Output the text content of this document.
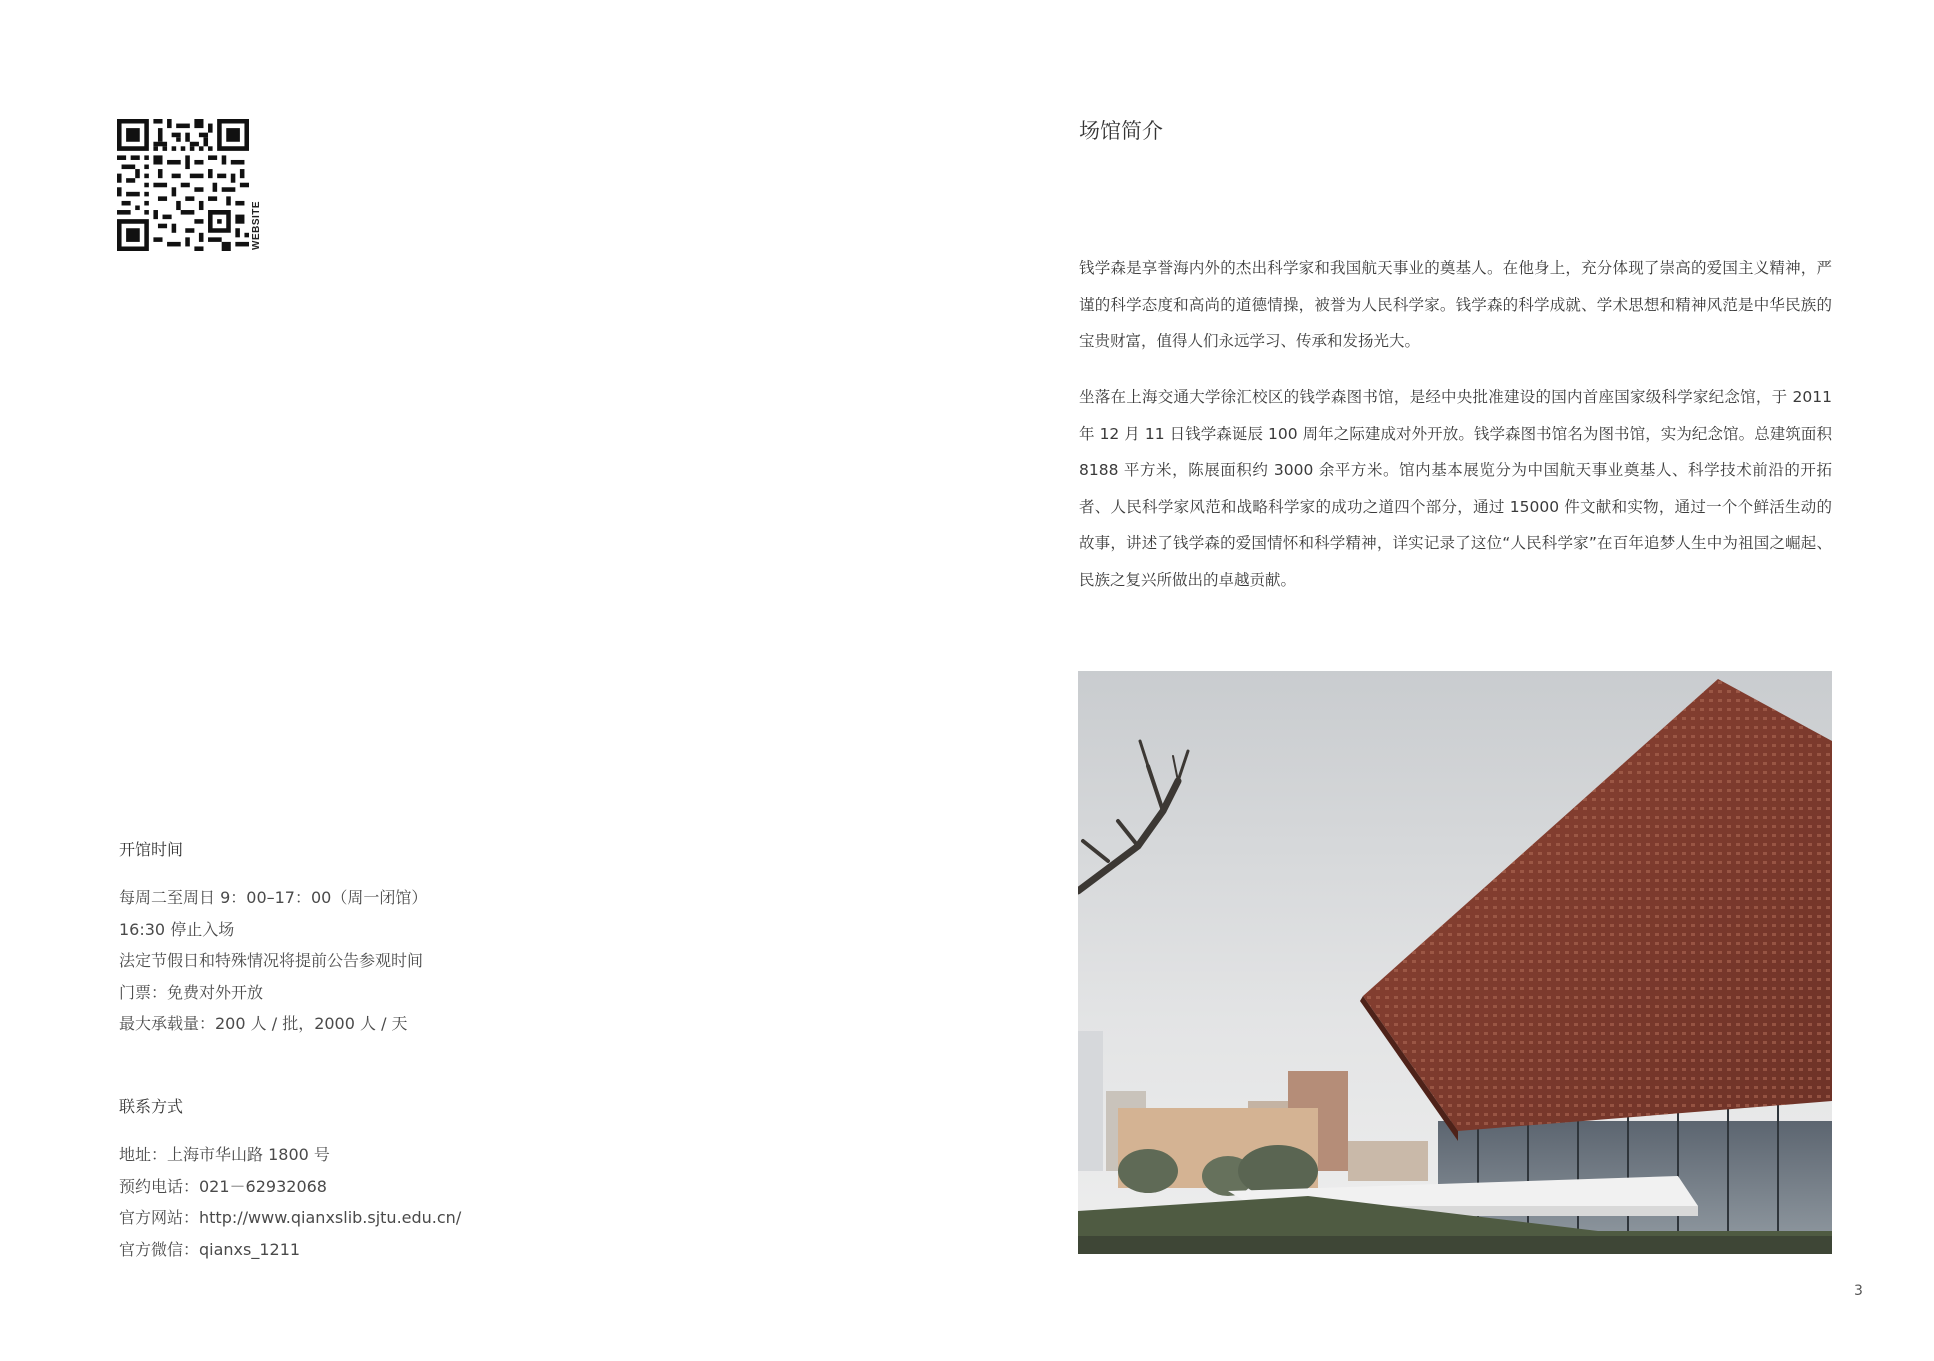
WEBSITE
开馆时间
每周二至周日 9：00–17：00（周一闭馆）
16:30 停止入场
法定节假日和特殊情况将提前公告参观时间
门票：免费对外开放
最大承载量：200 人 / 批，2000 人 / 天
联系方式
地址：上海市华山路 1800 号
预约电话：021－62932068
官方网站：http://www.qianxslib.sjtu.edu.cn/
官方微信：qianxs_1211
场馆简介

钱学森是享誉海内外的杰出科学家和我国航天事业的奠基人。在他身上，充分体现了崇高的爱国主义精神，严谨的科学态度和高尚的道德情操，被誉为人民科学家。钱学森的科学成就、学术思想和精神风范是中华民族的宝贵财富，值得人们永远学习、传承和发扬光大。

坐落在上海交通大学徐汇校区的钱学森图书馆，是经中央批准建设的国内首座国家级科学家纪念馆，于 2011 年 12 月 11 日钱学森诞辰 100 周年之际建成对外开放。钱学森图书馆名为图书馆，实为纪念馆。总建筑面积 8188 平方米，陈展面积约 3000 余平方米。馆内基本展览分为中国航天事业奠基人、科学技术前沿的开拓者、人民科学家风范和战略科学家的成功之道四个部分，通过 15000 件文献和实物，通过一个个鲜活生动的故事，讲述了钱学森的爱国情怀和科学精神，详实记录了这位“人民科学家”在百年追梦人生中为祖国之崛起、民族之复兴所做出的卓越贡献。

3
